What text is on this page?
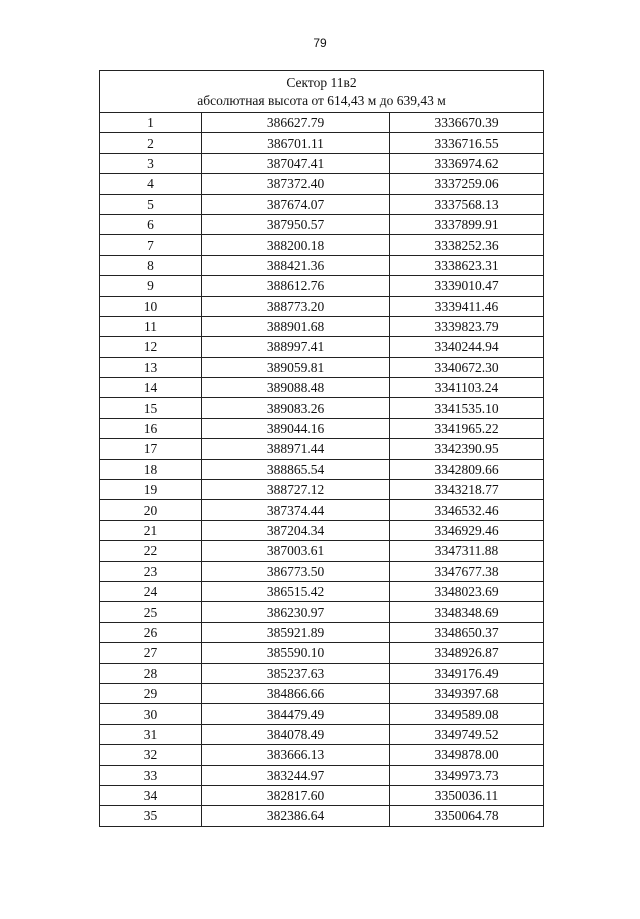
79
Сектор 11в2
абсолютная высота от 614,43 м до 639,43 м		

1	386627.79	3336670.39
2	386701.11	3336716.55
3	387047.41	3336974.62
4	387372.40	3337259.06
5	387674.07	3337568.13
6	387950.57	3337899.91
7	388200.18	3338252.36
8	388421.36	3338623.31
9	388612.76	3339010.47
10	388773.20	3339411.46
11	388901.68	3339823.79
12	388997.41	3340244.94
13	389059.81	3340672.30
14	389088.48	3341103.24
15	389083.26	3341535.10
16	389044.16	3341965.22
17	388971.44	3342390.95
18	388865.54	3342809.66
19	388727.12	3343218.77
20	387374.44	3346532.46
21	387204.34	3346929.46
22	387003.61	3347311.88
23	386773.50	3347677.38
24	386515.42	3348023.69
25	386230.97	3348348.69
26	385921.89	3348650.37
27	385590.10	3348926.87
28	385237.63	3349176.49
29	384866.66	3349397.68
30	384479.49	3349589.08
31	384078.49	3349749.52
32	383666.13	3349878.00
33	383244.97	3349973.73
34	382817.60	3350036.11
35	382386.64	3350064.78
